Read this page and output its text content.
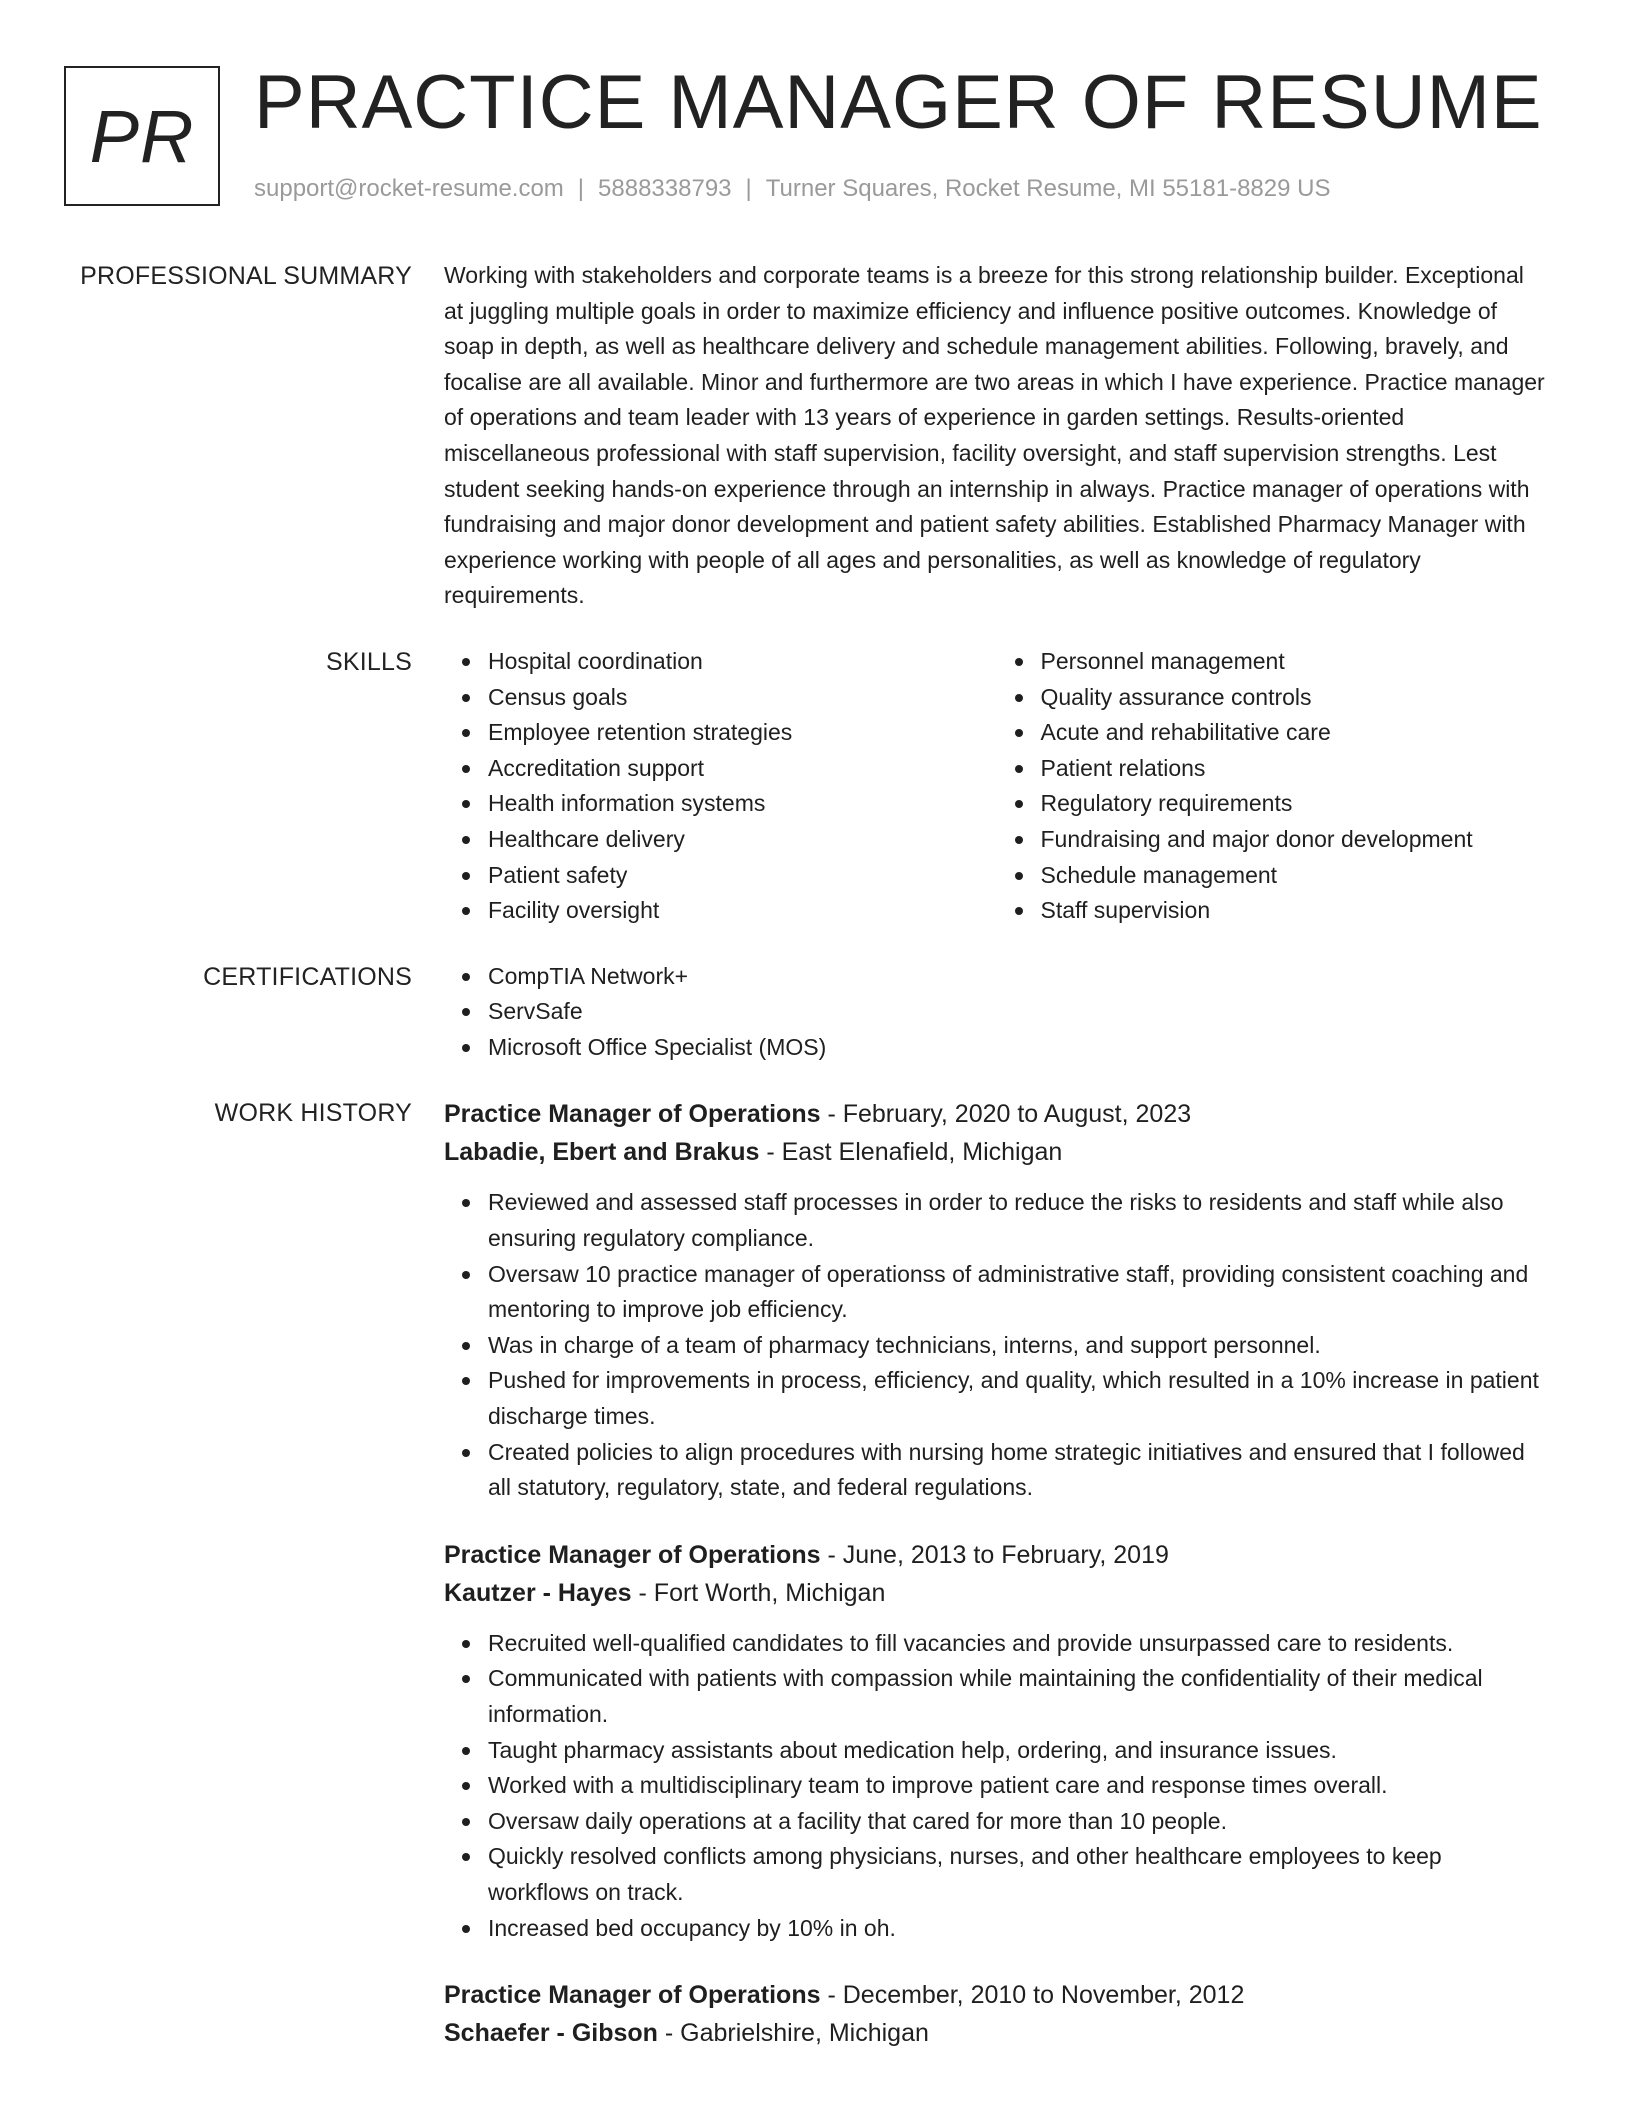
PR PRACTICE MANAGER OF RESUME
support@rocket-resume.com | 5888338793 | Turner Squares, Rocket Resume, MI 55181-8829 US
PROFESSIONAL SUMMARY Working with stakeholders and corporate teams is a breeze for this strong relationship builder. Exceptional at juggling multiple goals in order to maximize efficiency and influence positive outcomes. Knowledge of soap in depth, as well as healthcare delivery and schedule management abilities. Following, bravely, and focalise are all available. Minor and furthermore are two areas in which I have experience. Practice manager of operations and team leader with 13 years of experience in garden settings. Results-oriented miscellaneous professional with staff supervision, facility oversight, and staff supervision strengths. Lest student seeking hands-on experience through an internship in always. Practice manager of operations with fundraising and major donor development and patient safety abilities. Established Pharmacy Manager with experience working with people of all ages and personalities, as well as knowledge of regulatory requirements.

SKILLS	Hospital coordination
Census goals
Employee retention strategies
Accreditation support
Health information systems
Healthcare delivery
Patient safety
Facility oversight
Personnel management
Quality assurance controls
Acute and rehabilitative care
Patient relations
Regulatory requirements
Fundraising and major donor development
Schedule management
Staff supervision
CERTIFICATIONS	CompTIA Network+
ServSafe
Microsoft Office Specialist (MOS)
WORK HISTORY Practice Manager of Operations - February, 2020 to August, 2023
Labadie, Ebert and Brakus - East Elenafield, Michigan
Reviewed and assessed staff processes in order to reduce the risks to residents and staff while also ensuring regulatory compliance.
Oversaw 10 practice manager of operationss of administrative staff, providing consistent coaching and mentoring to improve job efficiency.
Was in charge of a team of pharmacy technicians, interns, and support personnel.
Pushed for improvements in process, efficiency, and quality, which resulted in a 10% increase in patient discharge times.
Created policies to align procedures with nursing home strategic initiatives and ensured that I followed all statutory, regulatory, state, and federal regulations.
Practice Manager of Operations - June, 2013 to February, 2019
Kautzer - Hayes - Fort Worth, Michigan
Recruited well-qualified candidates to fill vacancies and provide unsurpassed care to residents.
Communicated with patients with compassion while maintaining the confidentiality of their medical information.
Taught pharmacy assistants about medication help, ordering, and insurance issues.
Worked with a multidisciplinary team to improve patient care and response times overall.
Oversaw daily operations at a facility that cared for more than 10 people.
Quickly resolved conflicts among physicians, nurses, and other healthcare employees to keep workflows on track.
Increased bed occupancy by 10% in oh.
Practice Manager of Operations - December, 2010 to November, 2012
Schaefer - Gibson - Gabrielshire, Michigan
